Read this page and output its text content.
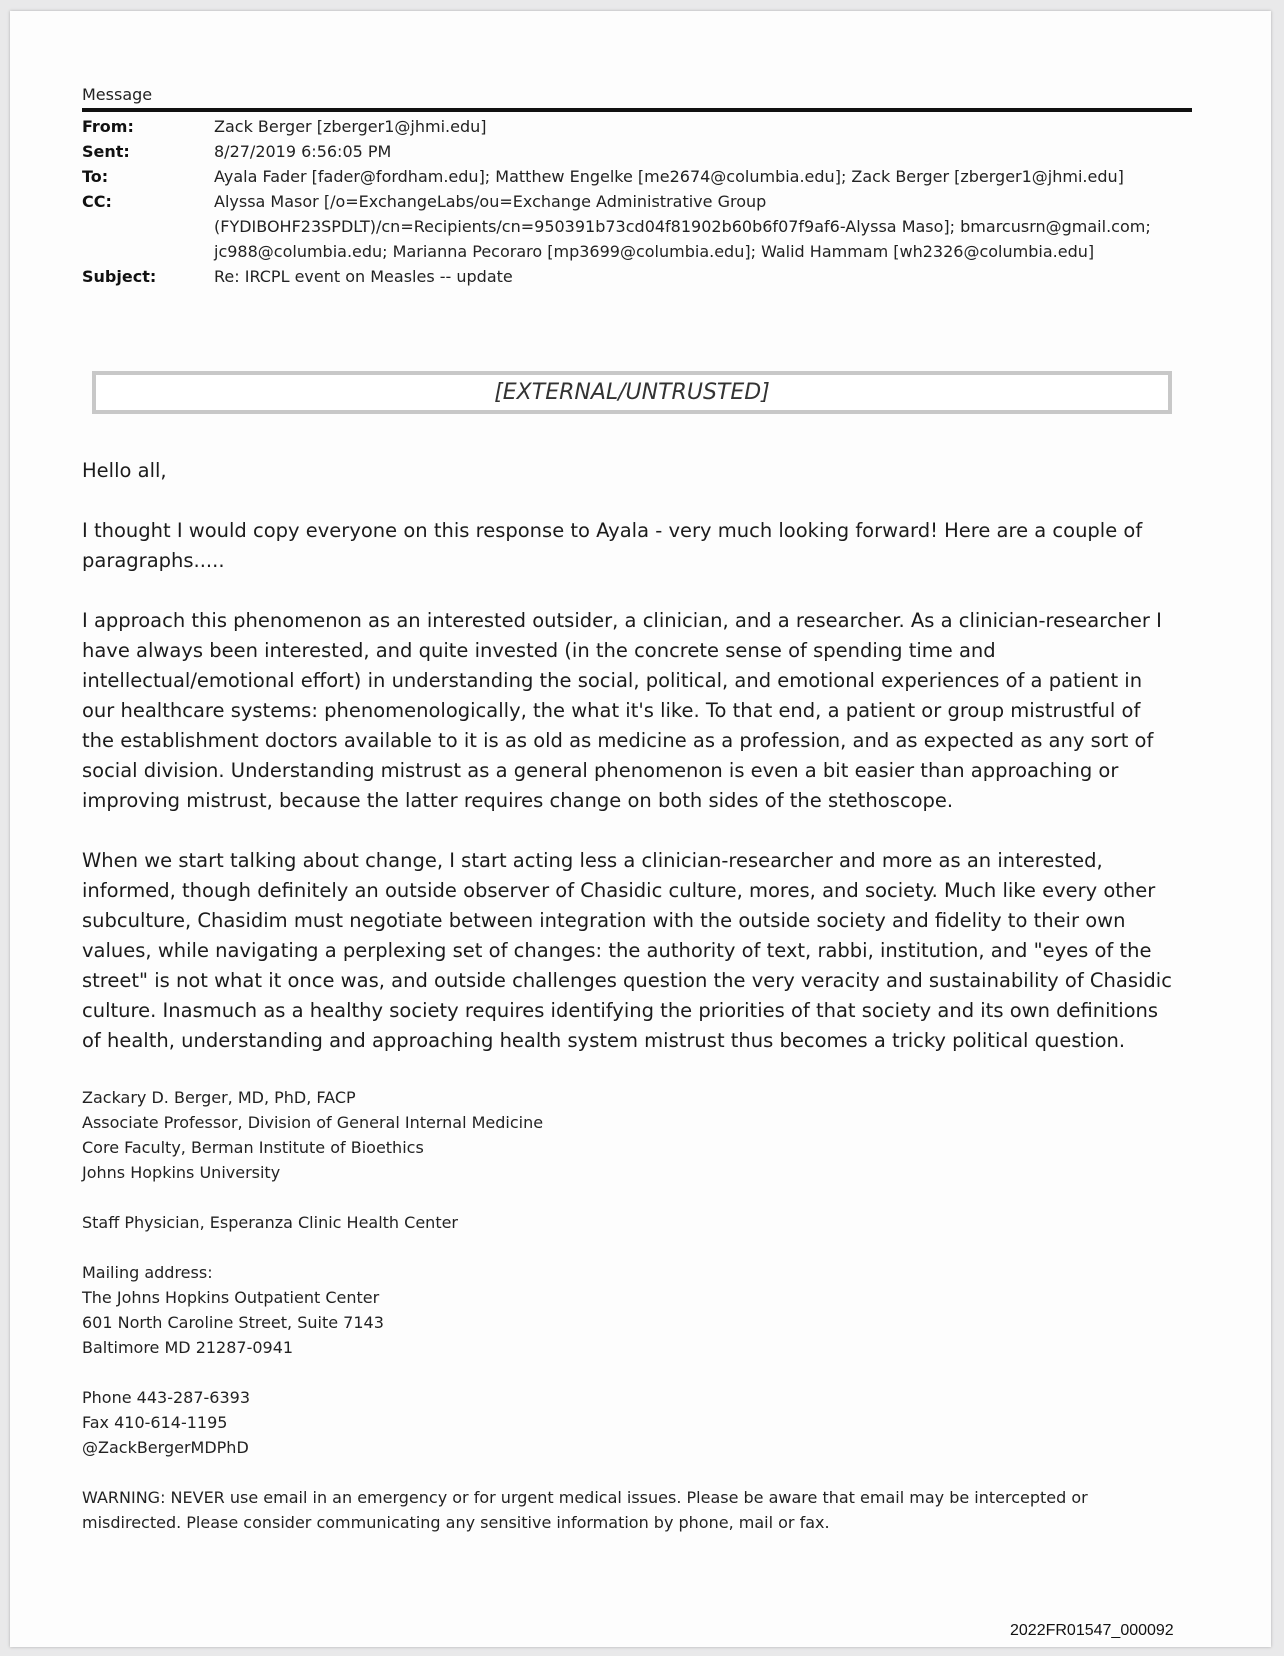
Message
From:	Zack Berger [zberger1@jhmi.edu]
Sent:	8/27/2019 6:56:05 PM
To:	Ayala Fader [fader@fordham.edu]; Matthew Engelke [me2674@columbia.edu]; Zack Berger [zberger1@jhmi.edu]
CC:	Alyssa Masor [/o=ExchangeLabs/ou=Exchange Administrative Group
(FYDIBOHF23SPDLT)/cn=Recipients/cn=950391b73cd04f81902b60b6f07f9af6-Alyssa Maso]; bmarcusrn@gmail.com;
jc988@columbia.edu; Marianna Pecoraro [mp3699@columbia.edu]; Walid Hammam [wh2326@columbia.edu]
Subject:	Re: IRCPL event on Measles -- update
[EXTERNAL/UNTRUSTED]

Hello all,

I thought I would copy everyone on this response to Ayala - very much looking forward! Here are a couple of
paragraphs.....

I approach this phenomenon as an interested outsider, a clinician, and a researcher. As a clinician-researcher I
have always been interested, and quite invested (in the concrete sense of spending time and
intellectual/emotional effort) in understanding the social, political, and emotional experiences of a patient in
our healthcare systems: phenomenologically, the what it's like. To that end, a patient or group mistrustful of
the establishment doctors available to it is as old as medicine as a profession, and as expected as any sort of
social division. Understanding mistrust as a general phenomenon is even a bit easier than approaching or
improving mistrust, because the latter requires change on both sides of the stethoscope.

When we start talking about change, I start acting less a clinician-researcher and more as an interested,
informed, though definitely an outside observer of Chasidic culture, mores, and society. Much like every other
subculture, Chasidim must negotiate between integration with the outside society and fidelity to their own
values, while navigating a perplexing set of changes: the authority of text, rabbi, institution, and "eyes of the
street" is not what it once was, and outside challenges question the very veracity and sustainability of Chasidic
culture. Inasmuch as a healthy society requires identifying the priorities of that society and its own definitions
of health, understanding and approaching health system mistrust thus becomes a tricky political question.

Zackary D. Berger, MD, PhD, FACP
Associate Professor, Division of General Internal Medicine
Core Faculty, Berman Institute of Bioethics
Johns Hopkins University
Staff Physician, Esperanza Clinic Health Center
Mailing address:
The Johns Hopkins Outpatient Center
601 North Caroline Street, Suite 7143
Baltimore MD 21287-0941
Phone 443-287-6393
Fax 410-614-1195
@ZackBergerMDPhD
WARNING: NEVER use email in an emergency or for urgent medical issues. Please be aware that email may be intercepted or
misdirected. Please consider communicating any sensitive information by phone, mail or fax.
2022FR01547_000092
